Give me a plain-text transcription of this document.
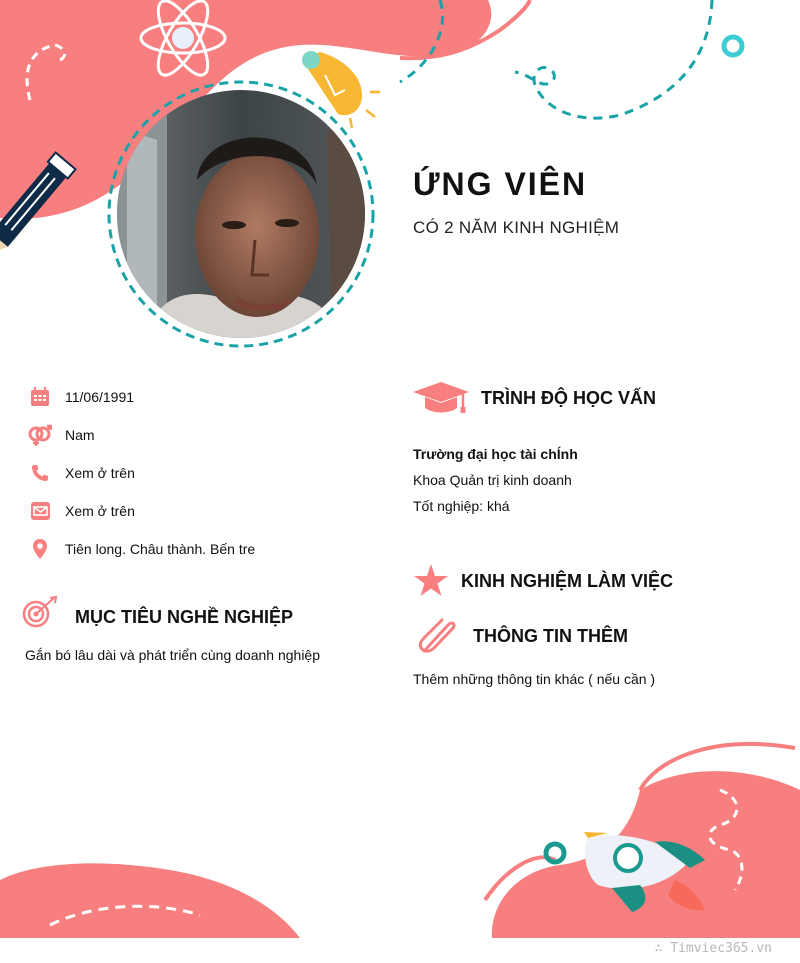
ỨNG VIÊN
CÓ 2 NĂM KINH NGHIỆM
11/06/1991
Nam
Xem ở trên
Xem ở trên
Tiên long. Châu thành. Bến tre
MỤC TIÊU NGHỀ NGHIỆP
Gắn bó lâu dài và phát triển cùng doanh nghiệp
TRÌNH ĐỘ HỌC VẤN
Trường đại học tài chÍnh
Khoa Quản trị kinh doanh
Tốt nghiệp: khá
KINH NGHIỆM LÀM VIỆC
THÔNG TIN THÊM
Thêm những thông tin khác ( nếu cần )
∴ Timviec365.vn
